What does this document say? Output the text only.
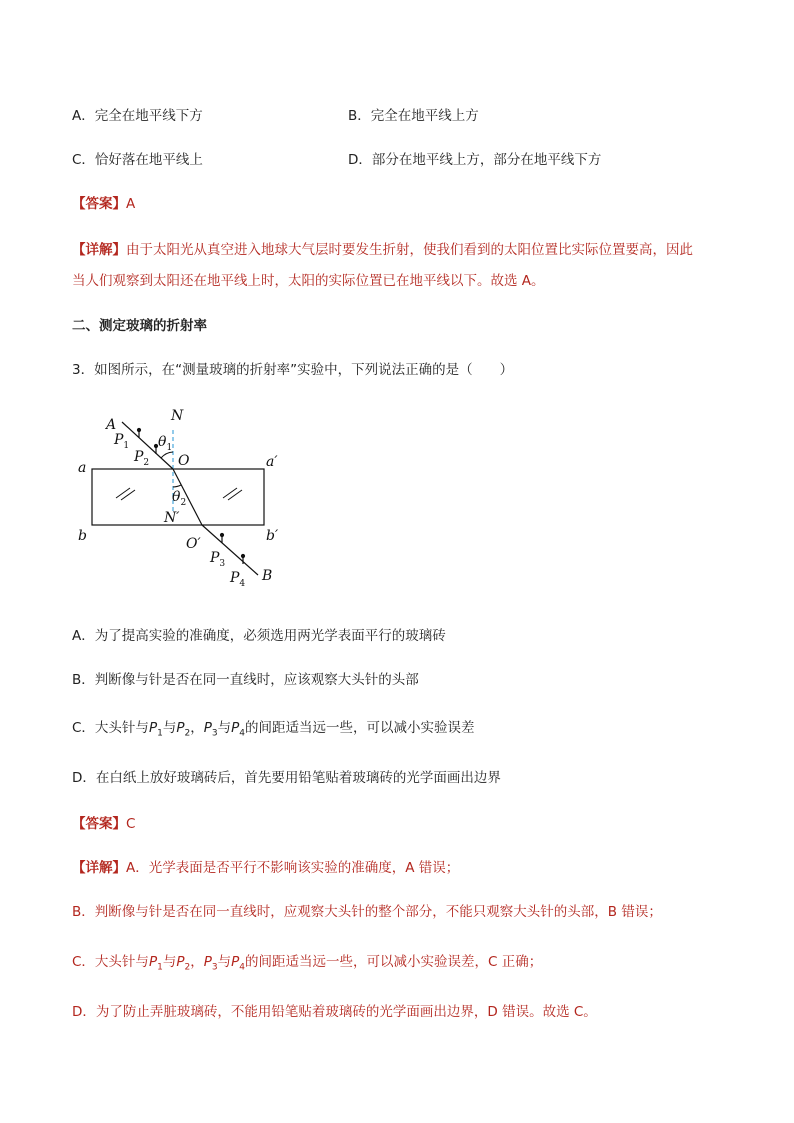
A．完全在地平线下方	B．完全在地平线上方
C．恰好落在地平线上	D．部分在地平线上方，部分在地平线下方
【答案】A
【详解】由于太阳光从真空进入地球大气层时要发生折射，使我们看到的太阳位置比实际位置要高，因此
当人们观察到太阳还在地平线上时，太阳的实际位置已在地平线以下。故选 A。
二、测定玻璃的折射率
3．如图所示，在“测量玻璃的折射率”实验中，下列说法正确的是（　　）
A
N
$P_1$ $\theta_1$
$P_2$ O
a	a′
$\theta_2$
N′
b	b′
O′
$P_3$
$P_4$ B
A．为了提高实验的准确度，必须选用两光学表面平行的玻璃砖
B．判断像与针是否在同一直线时，应该观察大头针的头部
C．大头针与$P_1$与$P_2$，$P_3$与$P_4$的间距适当远一些，可以减小实验误差
D．在白纸上放好玻璃砖后，首先要用铅笔贴着玻璃砖的光学面画出边界
【答案】C
【详解】A．光学表面是否平行不影响该实验的准确度，A 错误；
B．判断像与针是否在同一直线时，应观察大头针的整个部分，不能只观察大头针的头部，B 错误；
C．大头针与$P_1$与$P_2$，$P_3$与$P_4$的间距适当远一些，可以减小实验误差，C 正确；
D．为了防止弄脏玻璃砖，不能用铅笔贴着玻璃砖的光学面画出边界，D 错误。故选 C。
